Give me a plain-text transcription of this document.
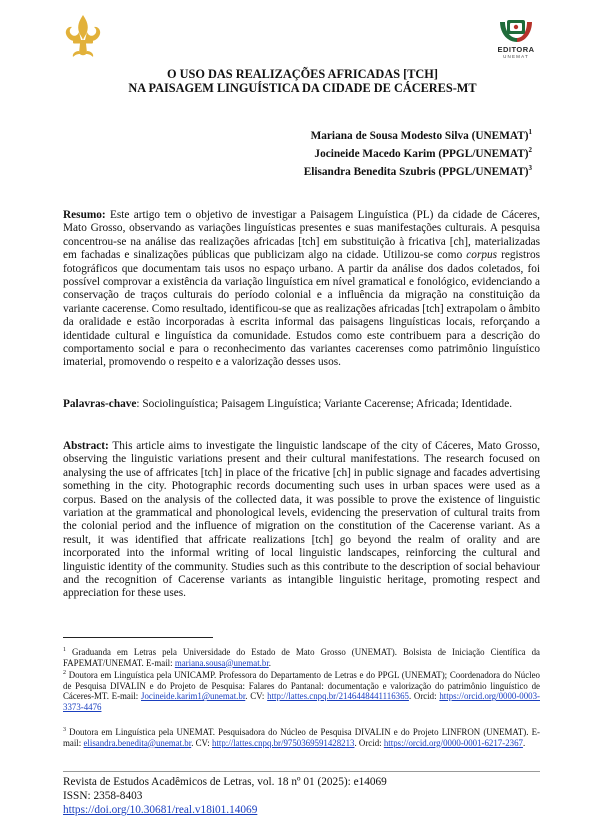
EDITORA
UNEMAT
O USO DAS REALIZAÇÕES AFRICADAS [TCH]
NA PAISAGEM LINGUÍSTICA DA CIDADE DE CÁCERES-MT
Mariana de Sousa Modesto Silva (UNEMAT)$^1$
Jocineide Macedo Karim (PPGL/UNEMAT)$^2$
Elisandra Benedita Szubris (PPGL/UNEMAT)$^3$

Resumo: Este artigo tem o objetivo de investigar a Paisagem Linguística (PL) da cidade de Cáceres, Mato Grosso, observando as variações linguísticas presentes e suas manifestações culturais. A pesquisa concentrou-se na análise das realizações africadas [tch] em substituição à fricativa [ch], materializadas em fachadas e sinalizações públicas que publicizam algo na cidade. Utilizou-se como corpus registros fotográficos que documentam tais usos no espaço urbano. A partir da análise dos dados coletados, foi possível comprovar a existência da variação linguística em nível gramatical e fonológico, evidenciando a conservação de traços culturais do período colonial e a influência da migração na constituição da variante cacerense. Como resultado, identificou-se que as realizações africadas [tch] extrapolam o âmbito da oralidade e estão incorporadas à escrita informal das paisagens linguísticas locais, reforçando a identidade cultural e linguística da comunidade. Estudos como este contribuem para a descrição do comportamento social e para o reconhecimento das variantes cacerenses como patrimônio linguístico imaterial, promovendo o respeito e a valorização desses usos.

Palavras-chave: Sociolinguística; Paisagem Linguística; Variante Cacerense; Africada; Identidade.

Abstract: This article aims to investigate the linguistic landscape of the city of Cáceres, Mato Grosso, observing the linguistic variations present and their cultural manifestations. The research focused on analysing the use of affricates [tch] in place of the fricative [ch] in public signage and facades advertising something in the city. Photographic records documenting such uses in urban spaces were used as a corpus. Based on the analysis of the collected data, it was possible to prove the existence of linguistic variation at the grammatical and phonological levels, evidencing the preservation of cultural traits from the colonial period and the influence of migration on the constitution of the Cacerense variant. As a result, it was identified that affricate realizations [tch] go beyond the realm of orality and are incorporated into the informal writing of local linguistic landscapes, reinforcing the cultural and linguistic identity of the community. Studies such as this contribute to the description of social behaviour and the recognition of Cacerense variants as intangible linguistic heritage, promoting respect and appreciation for these uses.

$^1$ Graduanda em Letras pela Universidade do Estado de Mato Grosso (UNEMAT). Bolsista de Iniciação Científica da FAPEMAT/UNEMAT. E-mail: mariana.sousa@unemat.br.

$^2$ Doutora em Linguística pela UNICAMP. Professora do Departamento de Letras e do PPGL (UNEMAT); Coordenadora do Núcleo de Pesquisa DIVALIN e do Projeto de Pesquisa: Falares do Pantanal: documentação e valorização do patrimônio linguístico de Cáceres-MT. E-mail: Jocineide.karim1@unemat.br. CV: http://lattes.cnpq.br/2146448441116365. Orcid: https://orcid.org/0000-0003-3373-4476

$^3$ Doutora em Linguística pela UNEMAT. Pesquisadora do Núcleo de Pesquisa DIVALIN e do Projeto LINFRON (UNEMAT). E-mail: elisandra.benedita@unemat.br. CV: http://lattes.cnpq.br/9750369591428213. Orcid: https://orcid.org/0000-0001-6217-2367.

Revista de Estudos Acadêmicos de Letras, vol. 18 nº 01 (2025): e14069
ISSN: 2358-8403
https://doi.org/10.30681/real.v18i01.14069
